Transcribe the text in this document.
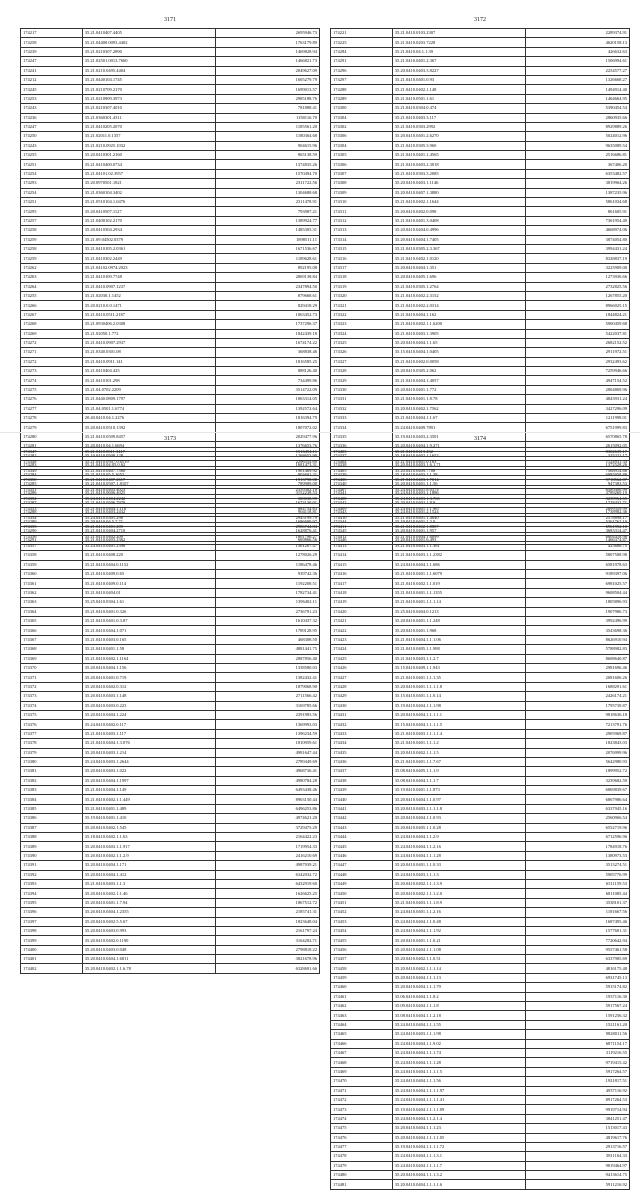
3171
174217	35.21.0410407.4405	2695946.73
174258	35.21.04400.0093.4402	1763179.89
174239	35.21.0210307.2890	1469828.94
174247	35.21.02501.0013.7660	1466821.73
174241	35.21.0210.0495.4404	2049627.09
174212	35.21.0440104.1745	1605279.79
174245	35.21.0210709.2170	1699013.57
174253	35.21.0210909.3973	2985188.76
174243	35.21.0210307.4010	781888.41
174236	35.21.0360301.4311	1158116.70
174247	35.21.0410205.2070	1185561.20
174250	35.21.02011.0.1357	1180364.68
174243	35.21.0210.0925.1032	904615.96
174255	35.20.0410301.2160	865138.59
174251	35.21.0410400.0734	1374835.26
174254	35.21.04101.02.3957	1570494.70
174293	35.20.0970501.1821	2311722.56
174254	35.21.0360104.3402	1304688.68
174251	35.21.0510104.1.0476	2311478.91
174295	35.20.0410507.1127	793987.21
174257	35.21.0400102.2170	1389924.77
174258	35.20.0410304.2934	1485305.31
174259	35.21.09.04502.0379	1898511.11
174258	35.21.0410105.2.0361	1671536.67
174259	35.21.0410302.2449	1189628.61
174262	35.21.04102.0974.2023	892195.08
174263	35.21.0410109.7748	2869138.84
174264	35.21.0410.0907.1237	2347894.50
174255	35.21.02030.1.1452	879668.61
174266	35.20.0210.0.0.1471	829418.29
174267	35.21.0410.0511.2187	1063452.73
174268	35.21.0930406.2.0308	1737296.37
174269	35.21.02050.1.772	1842439.18
174272	35.21.0410.0907.2937	1674174.22
174271	35.21.0340.0301.08	368838.46
174272	35.21.0410.0911.141	1816585.25
174273	35.21.0410404.425	888126.40
174274	35.21.0410101.298	734499.86
174275	35.21.04.0702.2209	3514722.09
174276	35.21.0440.0809.1797	1863314.05
174277	35.21.04.0501.1.6774	1392572.64
174278	20.40.0410.04.1.2276	1816394.79
174279	35.20.0410.0510.1392	1807072.02
174280	35.21.0410.0509.8457	2029477.96
174281	35.20.0410.04.1.6694	1376653.76
174282	35.10.0410.0508.128	1268653.90
174283	35.21.0410.04.05.0.62	1681473.31
174284	35.21.0410.05.5.1653	903601.21
174285	35.21.0410.0507.1.8107	789989.00
174286	35.21.0410.0606.4025	3152238.53
174287	35.21.0410.0506.7979	1673130.01
174288	35.21.0410.0403.2432	904118.81
174289	35.20.0410.04.5.7.71	1686699.97
174290	35.21.0410.0404.2710	1628876.41
174291	35.21.0410.0403.2362	669866.56
3172
174221	35.21.0410.0103.2307	2289374.91
174225	35.21.0410.0203.7228	4620158.13
174284	35.21.0410.04.1.1.39	426632.63
174291	35.21.0410.0401.2.367	1506994.61
174296	35.20.0410.0403.3.8227	2254577.27
174297	35.21.0410.0401.0.93	1326668.27
174288	35.21.0410.0402.1.148	1494914.40
174289	35.21.0410.0501.1.61	1464664.95
174300	35.21.0410.0304.0.474	5390454.54
174304	35.21.0410.0403.3.117	2860935.66
174302	35.21.0410.0303.2992	8929889.26
174306	35.20.0410.0401.2.6270	5024012.96
174304	35.21.0410.0305.3.960	9635089.54
174305	35.21.0410.0401.1.4565	2516686.81
174306	35.21.0410.0403.2.3018	367406.20
174307	35.21.0410.0303.3.2085	6353482.57
174308	35.20.0410.0403.1.1146	3819964.26
174309	35.20.0410.0407.1.3880	1387235.96
174310	35.21.0410.0402.1.1644	5861034.68
174311	35.20.0410.0402.0.098	861605.91
174312	35.21.0410.0401.3.0408	7361954.49
174313	35.20.0410.0404.0.4996	4668974.06
174314	35.20.0410.0404.1.7405	3874054.80
174315	35.21.0410.0305.2.3.367	3994431.24
174316	35.21.0410.0402.1.0120	8328837.19
174317	35.20.0410.0404.1.351	3225909.00
174318	35.20.0410.0405.1.696	1273936.66
174319	35.21.0410.0305.1.2764	2732825.56
174320	35.21.0410.0402.2.3152	1267855.20
174321	35.21.0410.0402.2.0314	8966025.15
174322	35.21.0410.0404.1.162	1844824.21
174323	35.21.0410.0402.1.1.6200	5900459.68
174324	35.21.0410.0403.1.3905	5422037.81
174325	35.20.0410.0404.1.1.65	2682152.52
174326	35.15.0410.0404.1.0405	2911972.51
174327	35.21.0410.0402.0.0058	2932493.62
174328	35.20.0410.0305.2.062	7259946.66
174329	35.21.0410.0404.1.4057	4947154.52
174330	35.20.0410.0401.1.772	2804869.96
174331	35.21.0410.0401.1.8.78	4843931.24
174332	35.20.0410.0402.1.7562	3427296.09
174333	35.21.0410.0404.1.1.67	1211998.01
174334	35.24.0410.0409.7891	6751999.83
174335	35.19.0410.0403.2.3501	6570865.78
174336	35.20.0410.0404.1.9.271	2615092.05
174337	35.18.0410.0402.1.1652	325221.17
174338	35.20.0410.0403.1.6.1.71	1372528.26
174339	35.18.0410.0403.1.1.38	6985958.88
174340	35.20.0410.0401.1.1.56	947383.53
174341	35.24.0410.0403.1.1886	3789269.19
174342	35.20.0410.0402.1.8.9	1718432.71
174343	35.24.0410.0401.2.1524	1738982.36
174344	35.19.0410.0401.1.3.0	5361762.10
174345	35.20.0410.0401.1.957	3683314.47
174346	35.20.0410.0401.6.493	1466374.87
3173
174347	35.21.0410.0611.3417	1516494.11
174348	35.21.0410.0507.0.6519	2296554.69
174349	35.21.0410.0407.7580	1901469.92
174350	35.21.0410.0407.2617	1913798.08
174351	35.21.0410.0403.4023	2359382.10
174352	35.24.0410.0404.2242	308038.99
174353	35.21.0410.0404.1.116	884754.63
174354	35.24.0410.0301.298	2945199.79
174355	35.21.0410.0401.209	2986744.84
174356	35.21.0410.0402.209	1801796.27
174357	35.24.0410.0401.2396	1361207.47
174358	35.21.0410.0408.220	1278026.29
174359	35.21.0410.0404.0.1152	1186478.46
174360	35.21.0410.0409.0.65	939742.36
174361	35.21.0410.0409.0.114	1192208.51
174362	35.21.0410.0404.01	1782734.41
174363	35.25.0410.0304.1.61	1396402.11
174364	35.21.0410.0401.0.326	2736791.23
174365	35.21.0410.0401.0.3.87	1610437.32
174366	35.21.0410.0404.1.071	1789128.95
174367	35.21.0410.0403.0.165	468308.50
174368	35.21.0410.0401.1.58	4881441.75
174369	35.21.0410.0402.1.1164	2887856.40
174370	35.20.0410.0404.1.156	1338580.03
174371	35.20.0410.0401.0.719	1382432.41
174372	35.20.0410.0402.0.312	1879068.90
174373	35.20.0410.0403.1.148	2711566.42
174374	35.20.0410.0403.0.223	3169785.66
174375	35.20.0410.0404.1.224	2391983.56
174376	35.24.0410.0402.0.117	1369993.03
174377	35.21.0410.0403.1.117	1396234.59
174378	35.21.0410.0404.1.3.076	1810959.61
174379	35.20.0410.0403.1.214	4981647.44
174380	35.24.0410.0403.1.2644	2789449.69
174381	35.20.0410.0403.1.022	4968736.41
174382	35.20.0410.0404.1.1997	4980784.28
174383	35.21.0410.0404.1.149	6493438.46
174384	35.21.0410.0402.1.1.449	8963150.44
174385	35.21.0410.0401.1.489	6496253.86
174386	35.19.0410.0401.1.410	4974621.20
174387	35.20.0410.0402.1.545	3729475.29
174388	35.18.0410.0402.1.1.63	2164422.23
174389	35.20.0410.0403.1.1.917	1719954.33
174390	35.20.0410.0402.1.1.2.9	2416210.69
174391	35.20.0410.0404.1.171	4987939.21
174392	35.20.0410.0404.1.412	6342032.72
174393	35.21.0410.0403.1.1.3	6432919.60
174394	35.20.0410.0402.1.1.46	1626625.25
174395	35.20.0410.0401.1.7.94	1867512.72
174396	35.20.0410.0404.1.2355	2185741.31
174397	35.20.0410.0402.5.5.67	1823648.04
174398	35.20.0410.0403.0.993	2161797.24
174399	35.20.0410.0402.0.1190	3164282.71
174400	35.20.0410.0403.0.048	2798818.22
174401	35.20.0410.0404.1.6811	3821678.96
174402	35.20.0410.0402.1.1.6.78	6328691.66
3174
174403	35.21.0410.0413.432	8302639.17
174404	35.21.0410.0401.0.163	1124931.34
174405	35.20.0410.0409.7708	7568914.66
174406	35.21.0410.0403.1.7014	9718562.07
174407	35.24.0410.0401.8.0374	6589406.99
174408	35.24.0410.0403.1.3.765	3239964.65
174409	35.24.0410.0401.1.1.967	2699359.99
174410	35.21.0410.0401.1.4040	2578898.17
174411	35.21.0410.0402.1.8807	6961952.10
174412	35.21.0410.0404.1.6099	6804418.96
174413	35.21.0410.0403.1.1.361	425686.75
174414	35.21.0410.0403.1.1.2382	5807508.98
174415	35.24.0410.0404.1.1.686	6581978.63
174416	35.21.0410.0401.1.1.6079	9189397.06
174417	35.21.0410.0402.1.1.019	6981025.57
174418	35.21.0410.0401.1.1.1355	9608504.44
174419	35.21.0410.0401.1.1.1.14	1805896.93
174420	35.25.0410.0404.0.1213	1907986.73
174421	35.20.0410.0401.1.1.248	3992496.99
174422	35.20.0410.0401.1.968	3543698.36
174423	35.21.0410.0404.1.1.1.06	8626910.94
174424	35.21.0410.0405.1.1.988	5788982.83
174425	35.21.0410.0403.1.1.2.7	8608640.87
174426	35.15.0410.0409.1.1.943	2981696.46
174427	35.21.0410.0401.1.1.1.35	2081606.26
174428	35.20.0410.0401.1.1.1.1.8	1688291.61
174429	35.15.0410.0401.1.1.0.14	2426174.21
174430	35.19.0410.0404.1.1.1.98	1795739.87
174431	35.20.0410.0404.1.1.1.1.1	9818636.18
174432	35.15.0410.0404.1.1.1.1.5	7213791.76
174433	35.21.0410.0403.1.1.1.1.4	2905969.87
174434	35.21.0410.0401.1.1.1.2	1823843.03
174435	35.20.0410.0402.1.1.1.5	2076999.96
174436	35.21.0410.0401.1.1.7.67	5642980.93
174437	35.08.0410.0405.1.1.1.9	1899952.72
174438	35.08.0410.0404.1.1.1.7	3239682.59
174439	35.19.0410.0401.1.1.873	6869839.67
174440	35.20.0410.0404.1.1.0.97	6867986.64
174441	35.20.0410.0403.1.1.1.1.8	6337945.16
174442	35.20.0410.0404.1.1.0.93	2560966.54
174443	35.20.0410.0405.1.1.0.28	6552719.96
174444	35.24.0410.0404.1.1.2.9	6712596.96
174445	35.24.0410.0404.1.1.2.16	1784918.76
174446	35.24.0410.0404.1.1.1.28	1380973.53
174447	35.20.0410.0401.1.1.0.33	3513274.51
174448	35.24.0410.0403.1.1.1.3	5905776.99
174449	35.20.0410.0402.1.1.1.3.9	6511159.53
174450	35.20.0410.0402.1.1.1.2.0	6811085.44
174451	35.21.0410.0403.1.1.1.8.9	3538101.37
174452	35.24.0410.0401.1.1.2.16	1181667.56
174453	35.24.0410.0404.1.1.0.48	1687495.46
174454	35.24.0410.0404.1.1.1.92	1577601.31
174455	35.20.0410.0401.1.1.0.21	7720642.94
174456	35.20.0410.0404.1.1.1.08	9557461.58
174457	35.20.0410.0402.1.1.0.51	6337985.69
174458	35.20.0410.0402.1.1.1.14	4816175.48
174459	35.20.0410.0404.1.1.1.13	6931745.13
174460	35.20.0410.0404.1.1.1.79	5915174.82
174461	35.06.0410.0404.1.1.8.2	1937116.30
174462	35.09.0410.0404.1.1.1.8	5917567.24
174463	35.08.0410.0404.1.1.2.18	1591256.32
174464	35.24.0410.0404.1.1.1.55	1521161.20
174465	35.24.0410.0403.1.1.1.98	9828011.56
174466	35.24.0410.0404.1.1.9.02	6871154.17
174467	35.24.0410.0404.1.1.1.74	3119216.55
174468	35.24.0410.0404.1.1.1.28	9719415.42
174469	35.24.0410.0404.1.1.1.1.5	5917264.57
174470	35.24.0410.0404.1.1.1.56	1921817.51
174471	35.24.0410.0404.1.1.1.1.97	4937116.92
174472	35.24.0410.0404.1.1.1.1.41	8917264.53
174473	35.19.0410.0404.1.1.1.1.09	9919714.94
174474	35.24.0410.0404.1.1.2.1.4	3841251.47
174475	35.20.0410.0404.1.1.1.23	1513017.43
174476	35.20.0410.0404.1.1.1.1.05	4819617.76
174477	35.19.0410.0404.1.1.1.1.72	2913716.57
174478	35.24.0410.0404.1.1.1.3.1	5811164.33
174479	35.24.0410.0404.1.1.1.1.7	9819464.97
174480	35.20.0410.0404.1.1.1.3.2	9413614.75
174481	35.20.0410.0404.1.1.1.1.6	5911216.92
